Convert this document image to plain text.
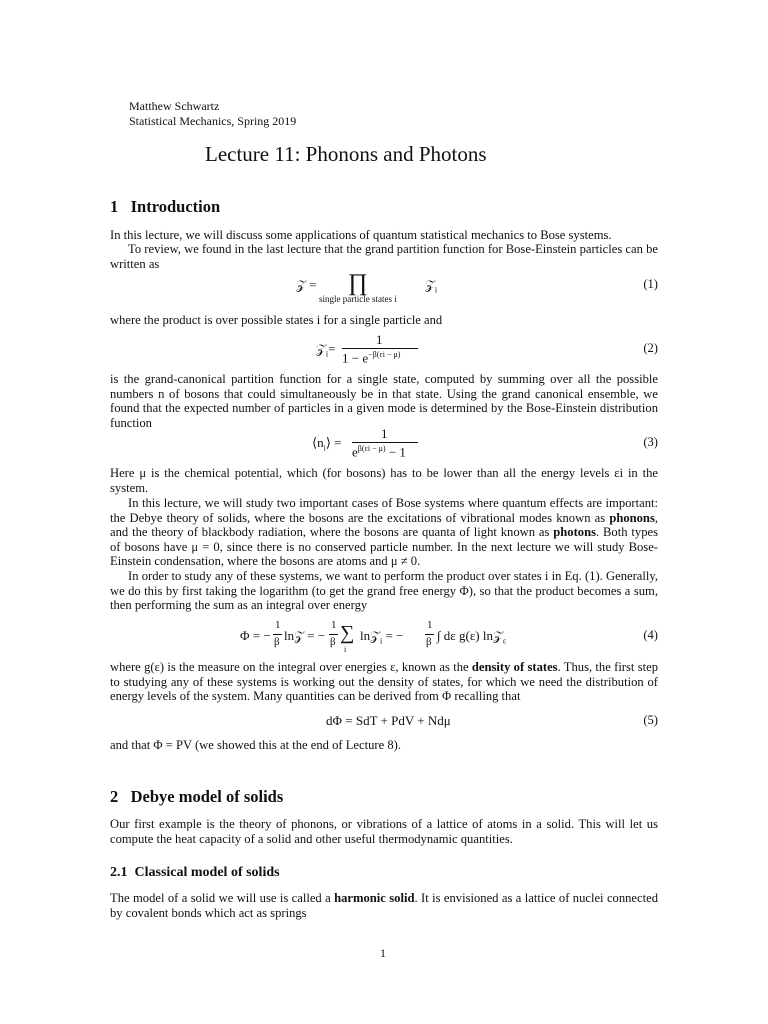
Matthew Schwartz
Statistical Mechanics, Spring 2019
Lecture 11: Phonons and Photons
1 Introduction

In this lecture, we will discuss some applications of quantum statistical mechanics to Bose systems.

To review, we found in the last lecture that the grand partition function for Bose-Einstein particles can be written as

𝒵 = ∏
single particle states i
𝒵$_i$	(1)

where the product is over possible states i for a single particle and

𝒵$_i$=
1
$1 - e^{-\beta(\varepsilon i - \mu)}$	(2)

is the grand-canonical partition function for a single state, computed by summing over all the possible numbers n of bosons that could simultaneously be in that state. Using the grand canonical ensemble, we found that the expected number of particles in a given mode is determined by the Bose-Einstein distribution function

$⟨n_i⟩$ =
1
$e^{\beta(\varepsilon i - \mu)} - 1$
(3)

Here μ is the chemical potential, which (for bosons) has to be lower than all the energy levels εi in the system.

In this lecture, we will study two important cases of Bose systems where quantum effects are important: the Debye theory of solids, where the bosons are the excitations of vibrational modes known as phonons, and the theory of blackbody radiation, where the bosons are quanta of light known as photons. Both types of bosons have μ = 0, since there is no conserved particle number. In the next lecture we will study Bose-Einstein condensation, where the bosons are atoms and μ ≠ 0.

In order to study any of these systems, we want to perform the product over states i in Eq. (1). Generally, we do this by first taking the logarithm (to get the grand free energy Φ), so that the product becomes a sum, then performing the sum as an integral over energy

Φ = −
1
β ln𝒵 = −
1
β ∑
i
ln𝒵$_i$ = −
1
β ∫ dε g(ε) ln𝒵$_\varepsilon$	(4)

where g(ε) is the measure on the integral over energies ε, known as the density of states. Thus, the first step to studying any of these systems is working out the density of states, for which we need the distribution of energy levels of the system. Many quantities can be derived from Φ recalling that

dΦ = SdT + PdV + Ndμ	(5)

and that Φ = PV (we showed this at the end of Lecture 8).

2 Debye model of solids

Our first example is the theory of phonons, or vibrations of a lattice of atoms in a solid. This will let us compute the heat capacity of a solid and other useful thermodynamic quantities.

2.1 Classical model of solids

The model of a solid we will use is called a harmonic solid. It is envisioned as a lattice of nuclei connected by covalent bonds which act as springs

1
